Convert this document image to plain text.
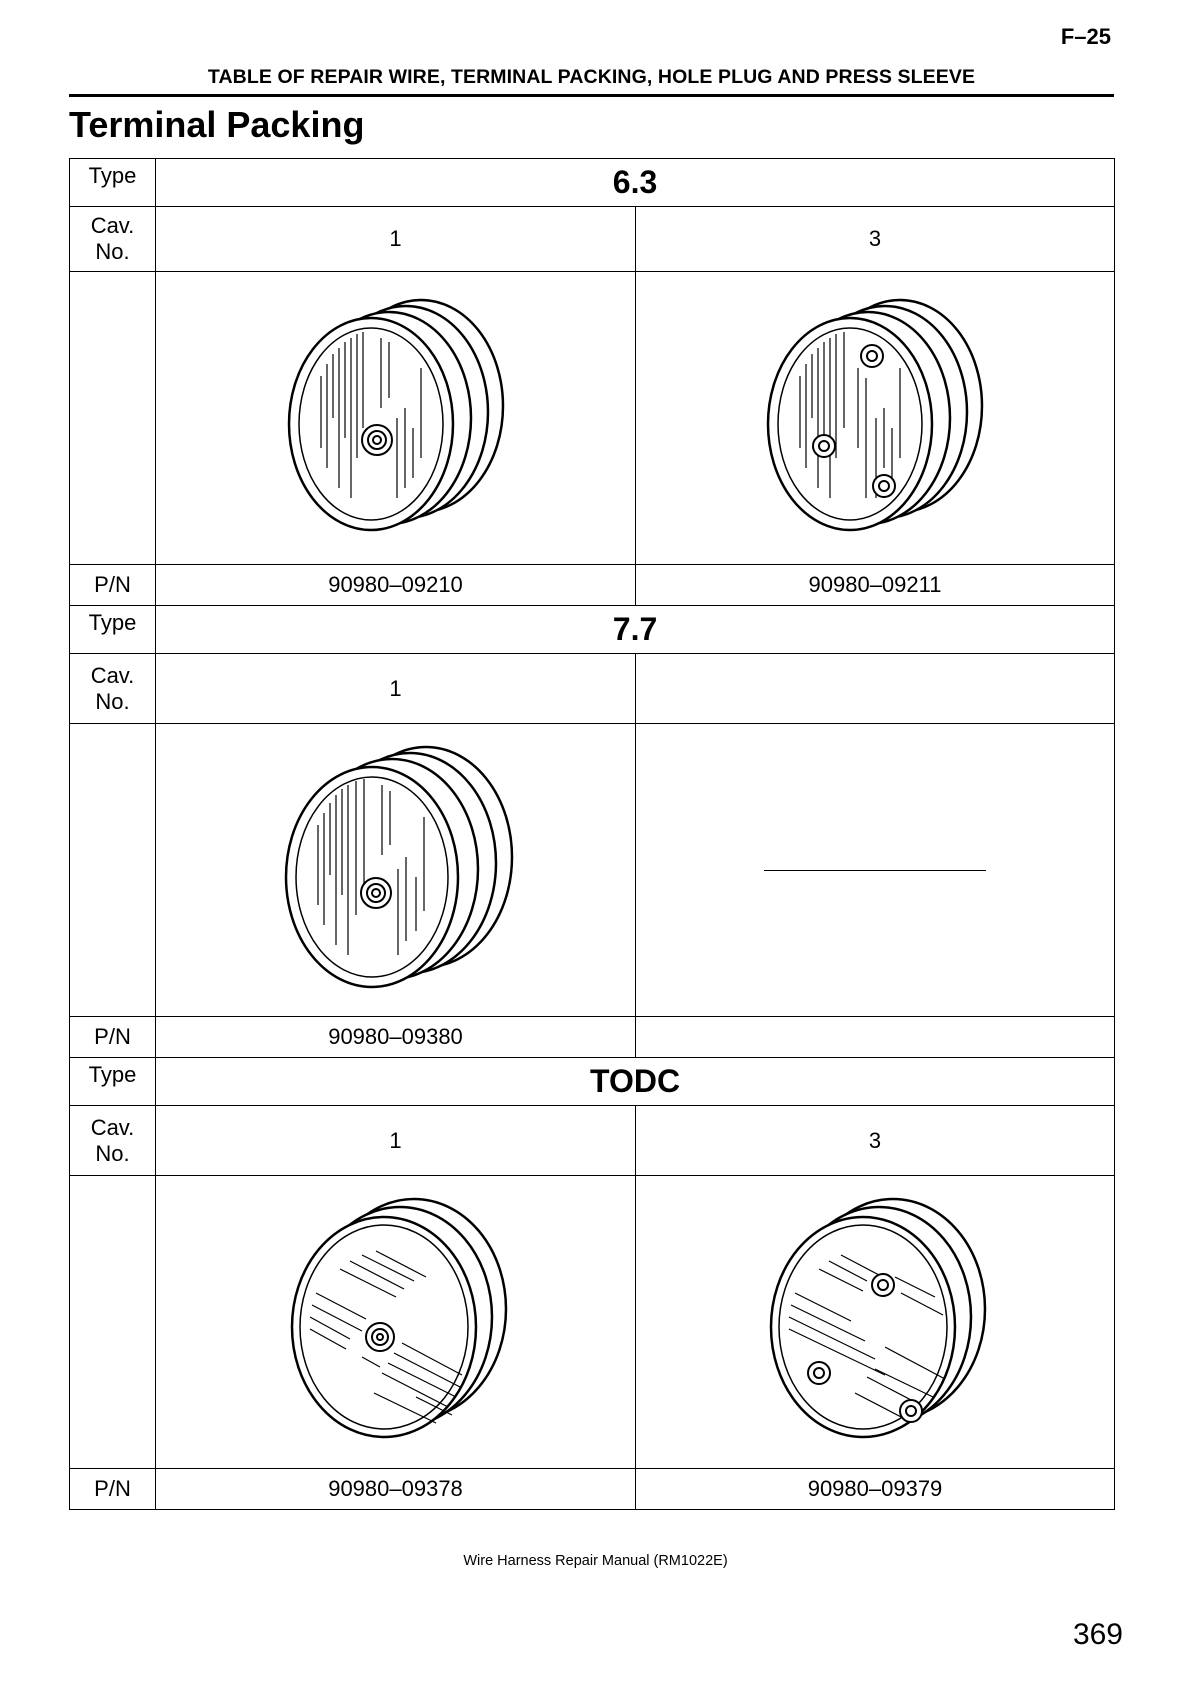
F–25
TABLE OF REPAIR WIRE, TERMINAL PACKING, HOLE PLUG AND PRESS SLEEVE
Terminal Packing
Type	6.3	

Cav.
No.	1	3

P/N	90980–09210	90980–09211
Type	7.7	

Cav.
No.	1	

P/N	90980–09380	
Type	TODC	

Cav.
No.	1	3

P/N	90980–09378	90980–09379
Wire Harness Repair Manual (RM1022E)
369
